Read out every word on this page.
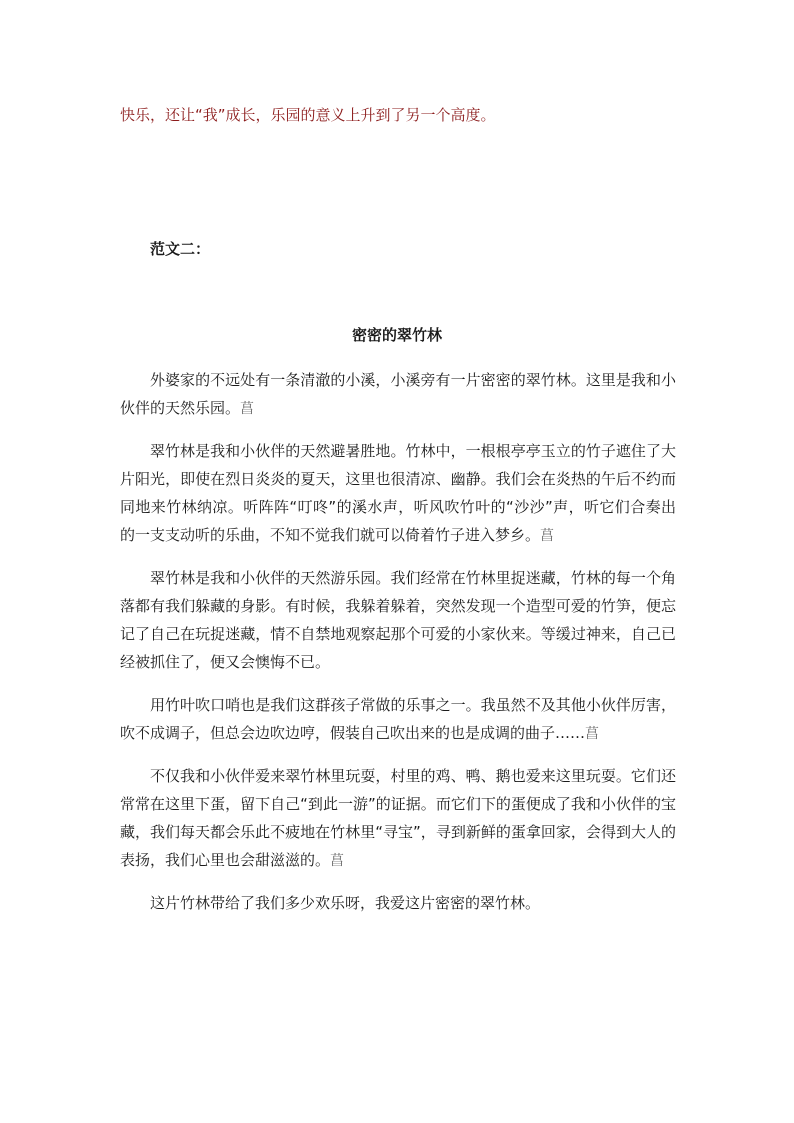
快乐，还让“我”成长，乐园的意义上升到了另一个高度。
范文二：
密密的翠竹林

外婆家的不远处有一条清澈的小溪，小溪旁有一片密密的翠竹林。这里是我和小伙伴的天然乐园。菖

翠竹林是我和小伙伴的天然避暑胜地。竹林中，一根根亭亭玉立的竹子遮住了大片阳光，即使在烈日炎炎的夏天，这里也很清凉、幽静。我们会在炎热的午后不约而同地来竹林纳凉。听阵阵“叮咚”的溪水声，听风吹竹叶的“沙沙”声，听它们合奏出的一支支动听的乐曲，不知不觉我们就可以倚着竹子进入梦乡。菖

翠竹林是我和小伙伴的天然游乐园。我们经常在竹林里捉迷藏，竹林的每一个角落都有我们躲藏的身影。有时候，我躲着躲着，突然发现一个造型可爱的竹笋，便忘记了自己在玩捉迷藏，情不自禁地观察起那个可爱的小家伙来。等缓过神来，自己已经被抓住了，便又会懊悔不已。

用竹叶吹口哨也是我们这群孩子常做的乐事之一。我虽然不及其他小伙伴厉害，吹不成调子，但总会边吹边哼，假装自己吹出来的也是成调的曲子……菖

不仅我和小伙伴爱来翠竹林里玩耍，村里的鸡、鸭、鹅也爱来这里玩耍。它们还常常在这里下蛋，留下自己“到此一游”的证据。而它们下的蛋便成了我和小伙伴的宝藏，我们每天都会乐此不疲地在竹林里“寻宝”，寻到新鲜的蛋拿回家，会得到大人的表扬，我们心里也会甜滋滋的。菖

这片竹林带给了我们多少欢乐呀，我爱这片密密的翠竹林。
